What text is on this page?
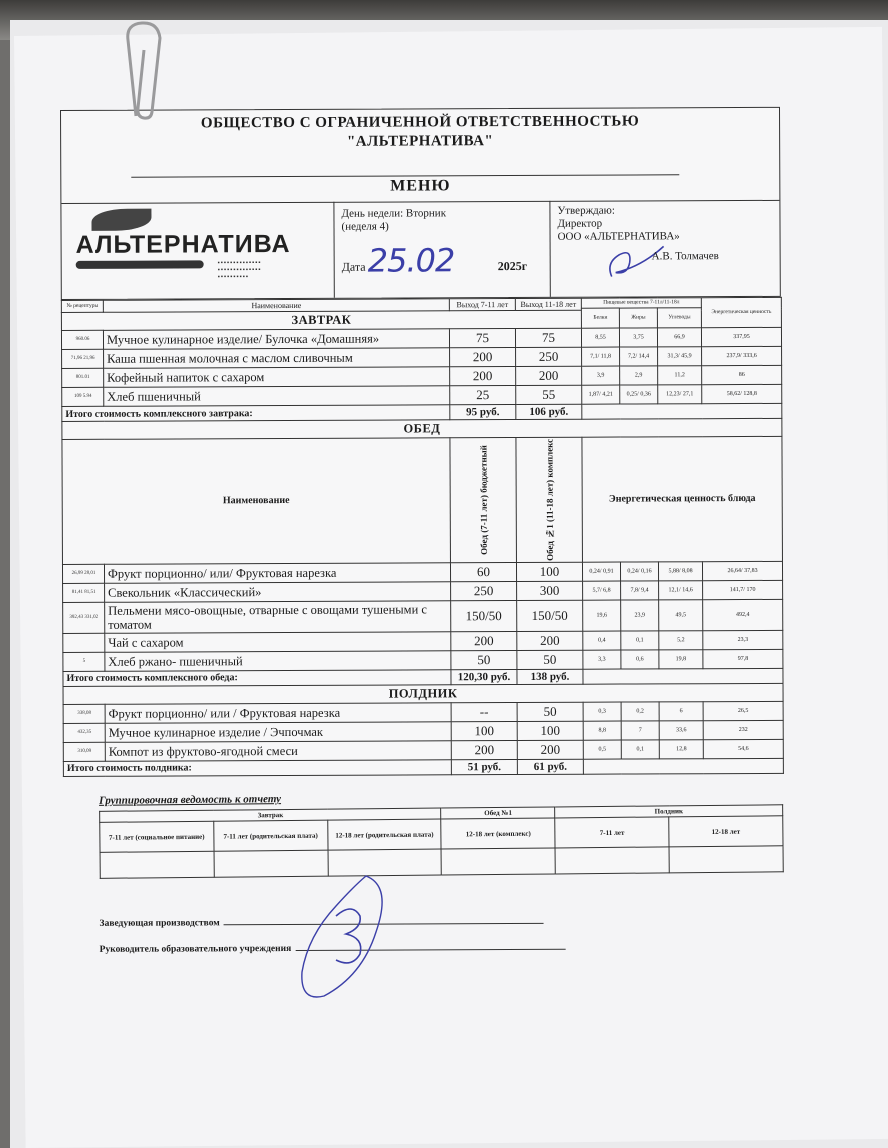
ОБЩЕСТВО С ОГРАНИЧЕННОЙ ОТВЕТСТВЕННОСТЬЮ
"АЛЬТЕРНАТИВА"
МЕНЮ
АЛЬТЕРНАТИВА
▪▪▪▪▪▪▪▪▪▪▪▪▪▪
▪▪▪▪▪▪▪▪▪▪▪▪▪▪
▪▪▪▪▪▪▪▪▪▪
День недели: Вторник
(неделя 4)
Дата 25.02	2025г
Утверждаю:
Директор
ООО «АЛЬТЕРНАТИВА»
А.В. Толмачев
№ рецептуры	Наименование	Выход 7-11 лет	Выход 11-18 лет	Пищевые вещества 7-11л/11-18л			Энергетическая ценность
				Белки	Жиры	Углеводы	
ЗАВТРАК							
960.06	Мучное кулинарное изделие/ Булочка «Домашняя»	75	75	8,55	3,75	66,9	337,95
71,96 21,96	Каша пшенная молочная с маслом сливочным	200	250	7,1/ 11,8	7,2/ 14,4	31,3/ 45,9	237,9/ 333,6
801.01	Кофейный напиток с сахаром	200	200	3,9	2,9	11,2	86
109 5.94	Хлеб пшеничный	25	55	1,87/ 4,21	0,25/ 0,36	12,23/ 27,1	58,62/ 128,8
Итого стоимость комплексного завтрака:		95 руб.	106 руб.				
ОБЕД							
Наименование		Обед (7-11 лет) бюджетный	Обед №1 (11-18 лет) комплекс	Энергетическая ценность блюда			
26,99 28,01	Фрукт порционно/ или/ Фруктовая нарезка	60	100	0,24/ 0,91	0,24/ 0,16	5,88/ 8,08	26,64/ 37,83
81,41 81,51	Свекольник «Классический»	250	300	5,7/ 6,8	7,8/ 9,4	12,1/ 14,6	141,7/ 170
392,43 331,02	Пельмени мясо-овощные, отварные с овощами тушеными с томатом	150/50	150/50	19,6	23,9	49,5	492,4
	Чай с сахаром	200	200	0,4	0,1	5,2	23,3
5	Хлеб ржано- пшеничный	50	50	3,3	0,6	19,8	97,8
Итого стоимость комплексного обеда:		120,30 руб.	138 руб.				
ПОЛДНИК							
338,08	Фрукт порционно/ или / Фруктовая нарезка	--	50	0,3	0,2	6	26,5
432,35	Мучное кулинарное изделие / Эчпочмак	100	100	8,8	7	33,6	232
310,09	Компот из фруктово-ягодной смеси	200	200	0,5	0,1	12,8	54,6
Итого стоимость полдника:		51 руб.	61 руб.				
Группировочная ведомость к отчету
Завтрак			Обед №1	Полдник	
7-11 лет (социальное питание)	7-11 лет (родительская плата)	12-18 лет (родительская плата)	12-18 лет (комплекс)	7-11 лет	12-18 лет

Заведующая производством
Руководитель образовательного учреждения
